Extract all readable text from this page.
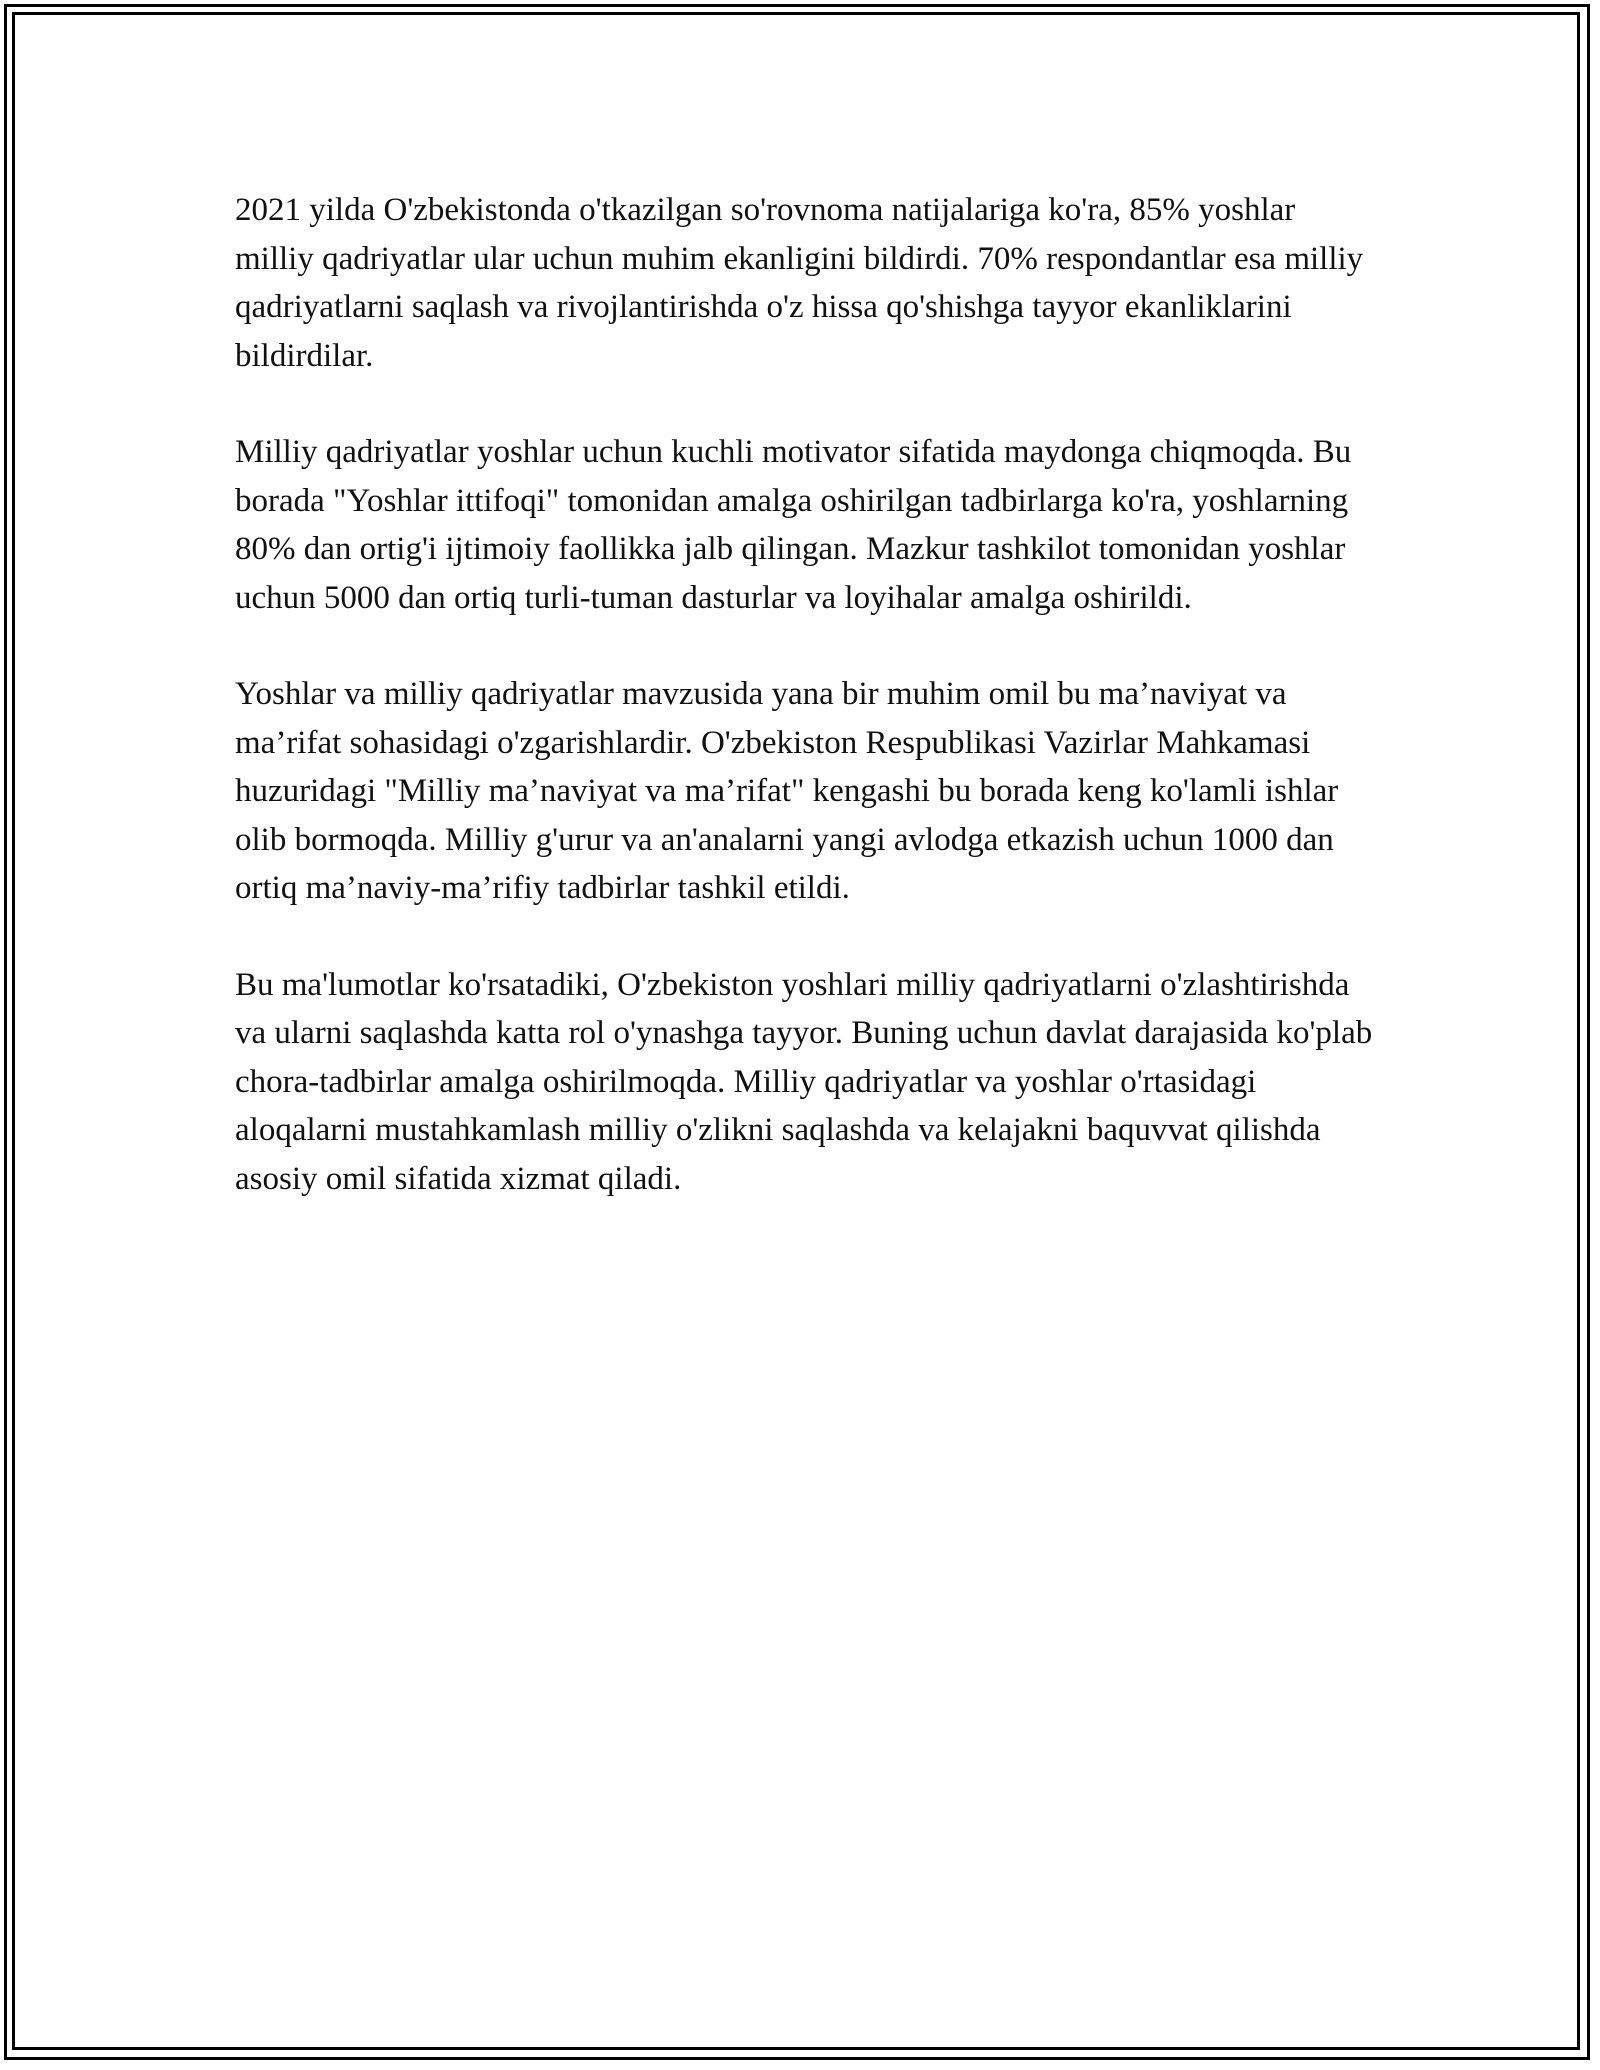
2021 yilda O'zbekistonda o'tkazilgan so'rovnoma natijalariga ko'ra, 85% yoshlar milliy qadriyatlar ular uchun muhim ekanligini bildirdi. 70% respondantlar esa milliy qadriyatlarni saqlash va rivojlantirishda o'z hissa qo'shishga tayyor ekanliklarini bildirdilar.

Milliy qadriyatlar yoshlar uchun kuchli motivator sifatida maydonga chiqmoqda. Bu borada "Yoshlar ittifoqi" tomonidan amalga oshirilgan tadbirlarga ko'ra, yoshlarning 80% dan ortig'i ijtimoiy faollikka jalb qilingan. Mazkur tashkilot tomonidan yoshlar uchun 5000 dan ortiq turli-tuman dasturlar va loyihalar amalga oshirildi.

Yoshlar va milliy qadriyatlar mavzusida yana bir muhim omil bu ma’naviyat va ma’rifat sohasidagi o'zgarishlardir. O'zbekiston Respublikasi Vazirlar Mahkamasi huzuridagi "Milliy ma’naviyat va ma’rifat" kengashi bu borada keng ko'lamli ishlar olib bormoqda. Milliy g'urur va an'analarni yangi avlodga etkazish uchun 1000 dan ortiq ma’naviy-ma’rifiy tadbirlar tashkil etildi.

Bu ma'lumotlar ko'rsatadiki, O'zbekiston yoshlari milliy qadriyatlarni o'zlashtirishda va ularni saqlashda katta rol o'ynashga tayyor. Buning uchun davlat darajasida ko'plab chora-tadbirlar amalga oshirilmoqda. Milliy qadriyatlar va yoshlar o'rtasidagi aloqalarni mustahkamlash milliy o'zlikni saqlashda va kelajakni baquvvat qilishda asosiy omil sifatida xizmat qiladi.
